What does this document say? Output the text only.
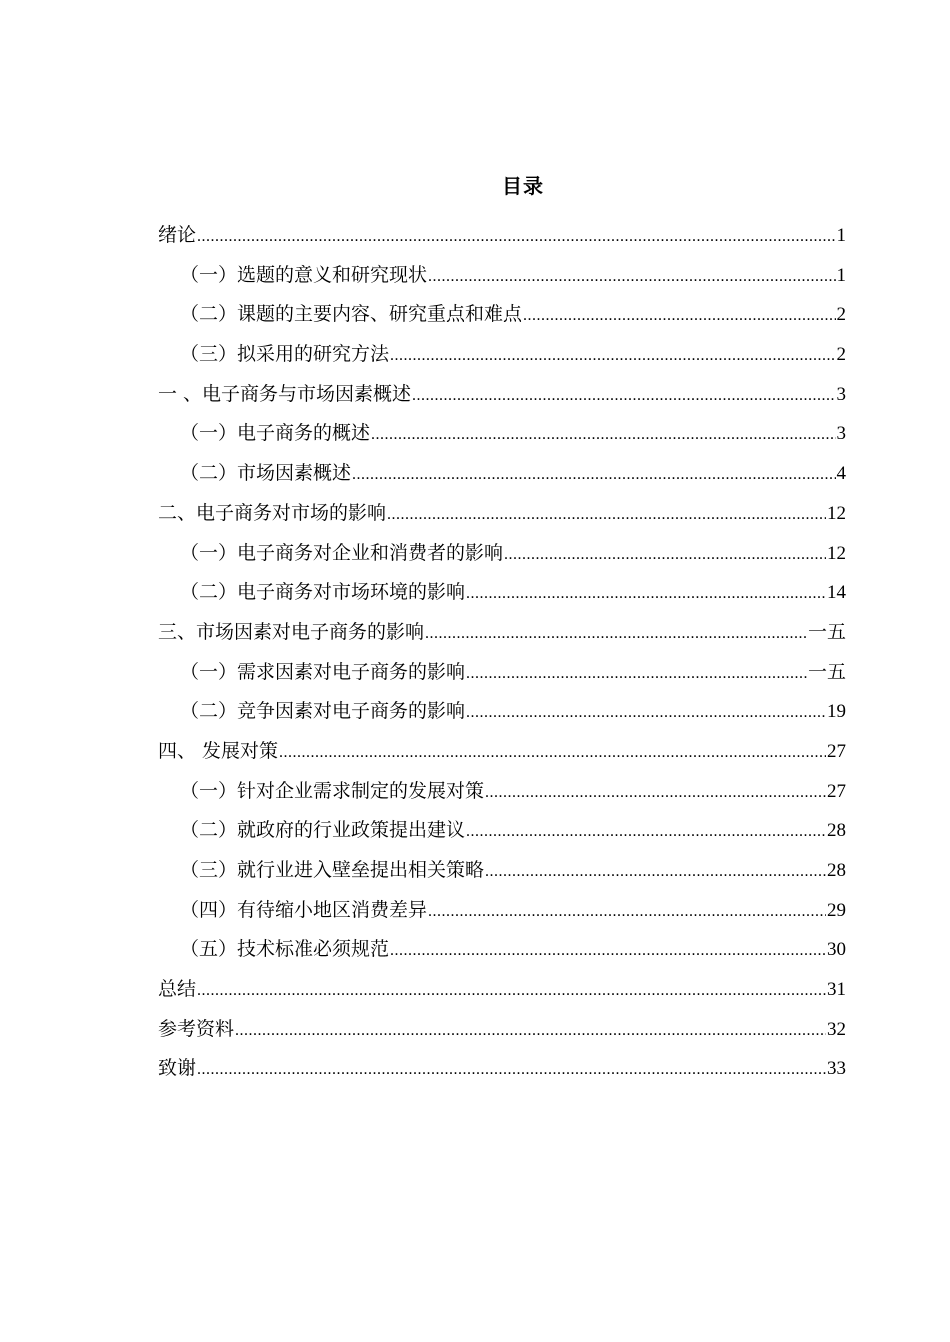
目录
绪论 .....	1
（一）选题的意义和研究现状 .....	1
（二）课题的主要内容、研究重点和难点 .....	2
（三）拟采用的研究方法 .....	2
一 、电子商务与市场因素概述 .....	3
（一）电子商务的概述 .....	3
（二）市场因素概述 .....	4
二、电子商务对市场的影响 .....	12
（一）电子商务对企业和消费者的影响 .....	12
（二）电子商务对市场环境的影响 .....	14
三、市场因素对电子商务的影响 .....	一五
（一）需求因素对电子商务的影响 .....	一五
（二）竞争因素对电子商务的影响 .....	19
四、 发展对策 .....	27
（一）针对企业需求制定的发展对策 .....	27
（二）就政府的行业政策提出建议 .....	28
（三）就行业进入壁垒提出相关策略 .....	28
（四）有待缩小地区消费差异 .....	29
（五）技术标准必须规范 .....	30
总结 .....	31
参考资料 .....	32
致谢 .....	33
